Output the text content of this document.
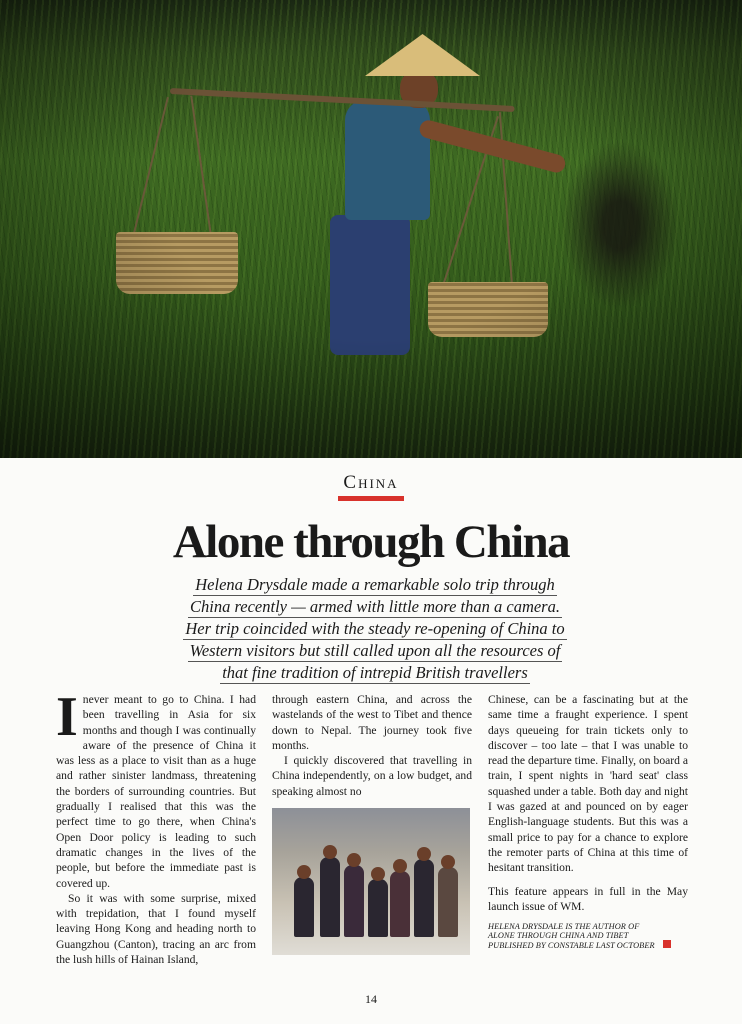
China
Alone through China
Helena Drysdale made a remarkable solo trip through
China recently — armed with little more than a camera.
Her trip coincided with the steady re-opening of China to
Western visitors but still called upon all the resources of
that fine tradition of intrepid British travellers
I never meant to go to China. I had been travelling in Asia for six months and though I was continually aware of the presence of China it was less as a place to visit than as a huge and rather sinister landmass, threatening the borders of surrounding countries. But gradually I realised that this was the perfect time to go there, when China's Open Door policy is leading to such dramatic changes in the lives of the people, but before the immediate past is covered up.

So it was with some surprise, mixed with trepidation, that I found myself leaving Hong Kong and heading north to Guangzhou (Canton), tracing an arc from the lush hills of Hainan Island,

through eastern China, and across the wastelands of the west to Tibet and thence down to Nepal. The journey took five months.

I quickly discovered that travelling in China independently, on a low budget, and speaking almost no

Chinese, can be a fascinating but at the same time a fraught experience. I spent days queueing for train tickets only to discover – too late – that I was unable to read the departure time. Finally, on board a train, I spent nights in 'hard seat' class squashed under a table. Both day and night I was gazed at and pounced on by eager English-language students. But this was a small price to pay for a chance to explore the remoter parts of China at this time of hesitant transition.

This feature appears in full in the May launch issue of WM.

HELENA DRYSDALE IS THE AUTHOR OF
ALONE THROUGH CHINA AND TIBET
PUBLISHED BY CONSTABLE LAST OCTOBER
14
